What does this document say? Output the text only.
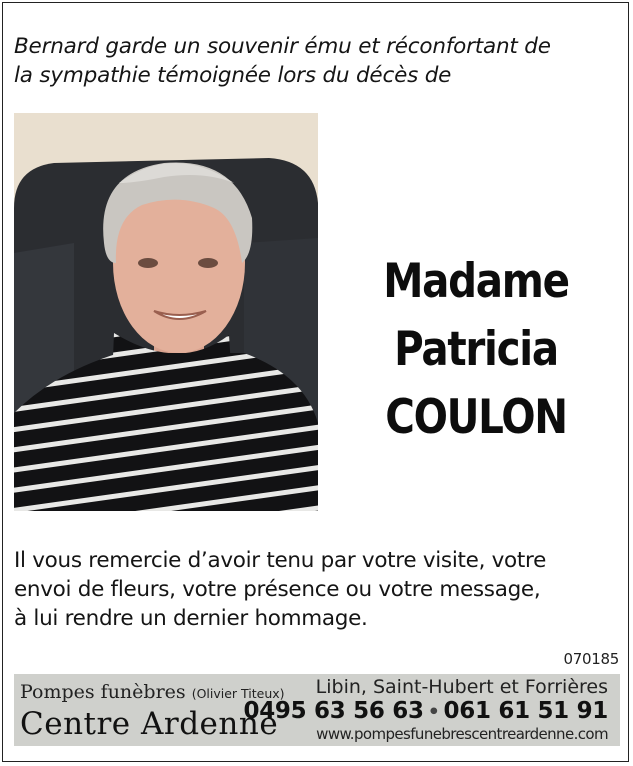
Bernard garde un souvenir ému et réconfortant de
la sympathie témoignée lors du décès de
Madame
Patricia
COULON
Il vous remercie d’avoir tenu par votre visite, votre
envoi de fleurs, votre présence ou votre message,
à lui rendre un dernier hommage.
070185
Pompes funèbres (Olivier Titeux)
Centre Ardenne
Libin, Saint-Hubert et Forrières
0495 63 56 63 • 061 61 51 91
www.pompesfunebrescentreardenne.com
